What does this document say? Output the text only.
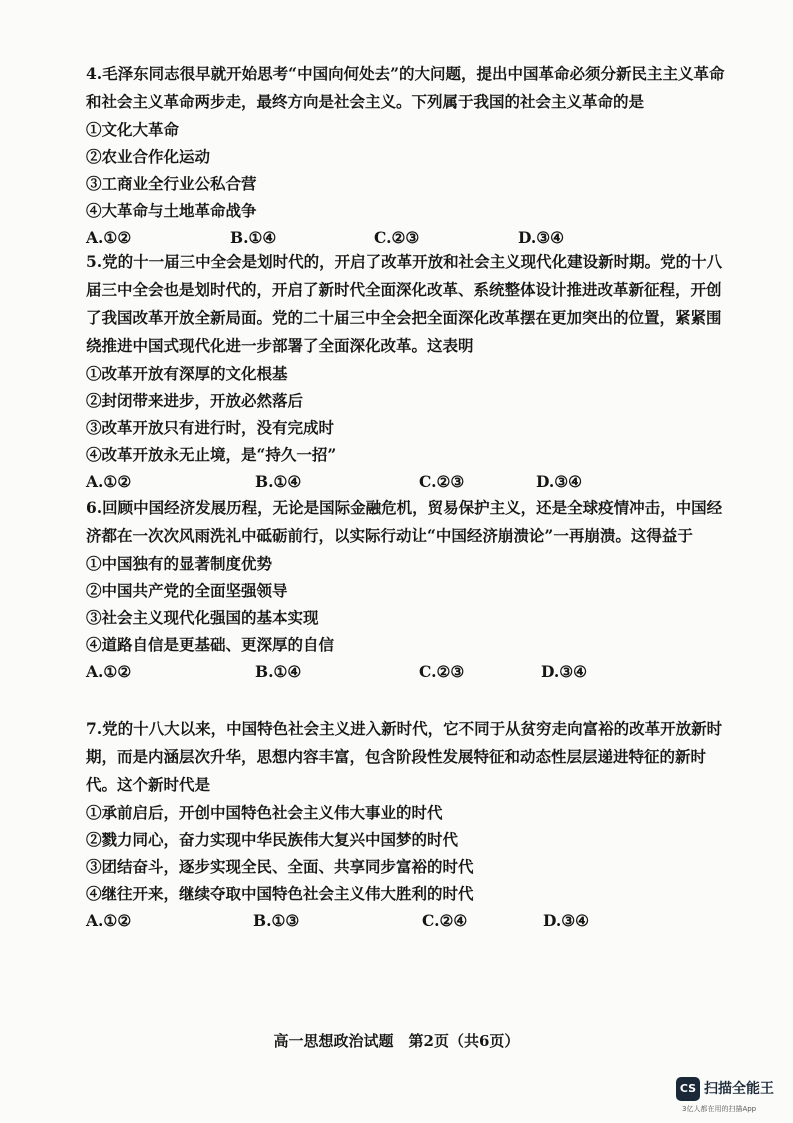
4.毛泽东同志很早就开始思考“中国向何处去”的大问题，提出中国革命必须分新民主主义革命和社会主义革命两步走，最终方向是社会主义。下列属于我国的社会主义革命的是

①文化大革命

②农业合作化运动

③工商业全行业公私合营

④大革命与土地革命战争

A.①②	B.①④	C.②③	D.③④

5.党的十一届三中全会是划时代的，开启了改革开放和社会主义现代化建设新时期。党的十八届三中全会也是划时代的，开启了新时代全面深化改革、系统整体设计推进改革新征程，开创了我国改革开放全新局面。党的二十届三中全会把全面深化改革摆在更加突出的位置，紧紧围绕推进中国式现代化进一步部署了全面深化改革。这表明

①改革开放有深厚的文化根基

②封闭带来进步，开放必然落后

③改革开放只有进行时，没有完成时

④改革开放永无止境，是“持久一招”

A.①②	B.①④	C.②③	D.③④

6.回顾中国经济发展历程，无论是国际金融危机，贸易保护主义，还是全球疫情冲击，中国经济都在一次次风雨洗礼中砥砺前行，以实际行动让“中国经济崩溃论”一再崩溃。这得益于

①中国独有的显著制度优势

②中国共产党的全面坚强领导

③社会主义现代化强国的基本实现

④道路自信是更基础、更深厚的自信

A.①②	B.①④	C.②③	D.③④

7.党的十八大以来，中国特色社会主义进入新时代，它不同于从贫穷走向富裕的改革开放新时期，而是内涵层次升华，思想内容丰富，包含阶段性发展特征和动态性层层递进特征的新时代。这个新时代是

①承前启后，开创中国特色社会主义伟大事业的时代

②戮力同心，奋力实现中华民族伟大复兴中国梦的时代

③团结奋斗，逐步实现全民、全面、共享同步富裕的时代

④继往开来，继续夺取中国特色社会主义伟大胜利的时代

A.①②	B.①③	C.②④	D.③④
高一思想政治试题　第2页（共6页）
CS 扫描全能王
3亿人都在用的扫描App
